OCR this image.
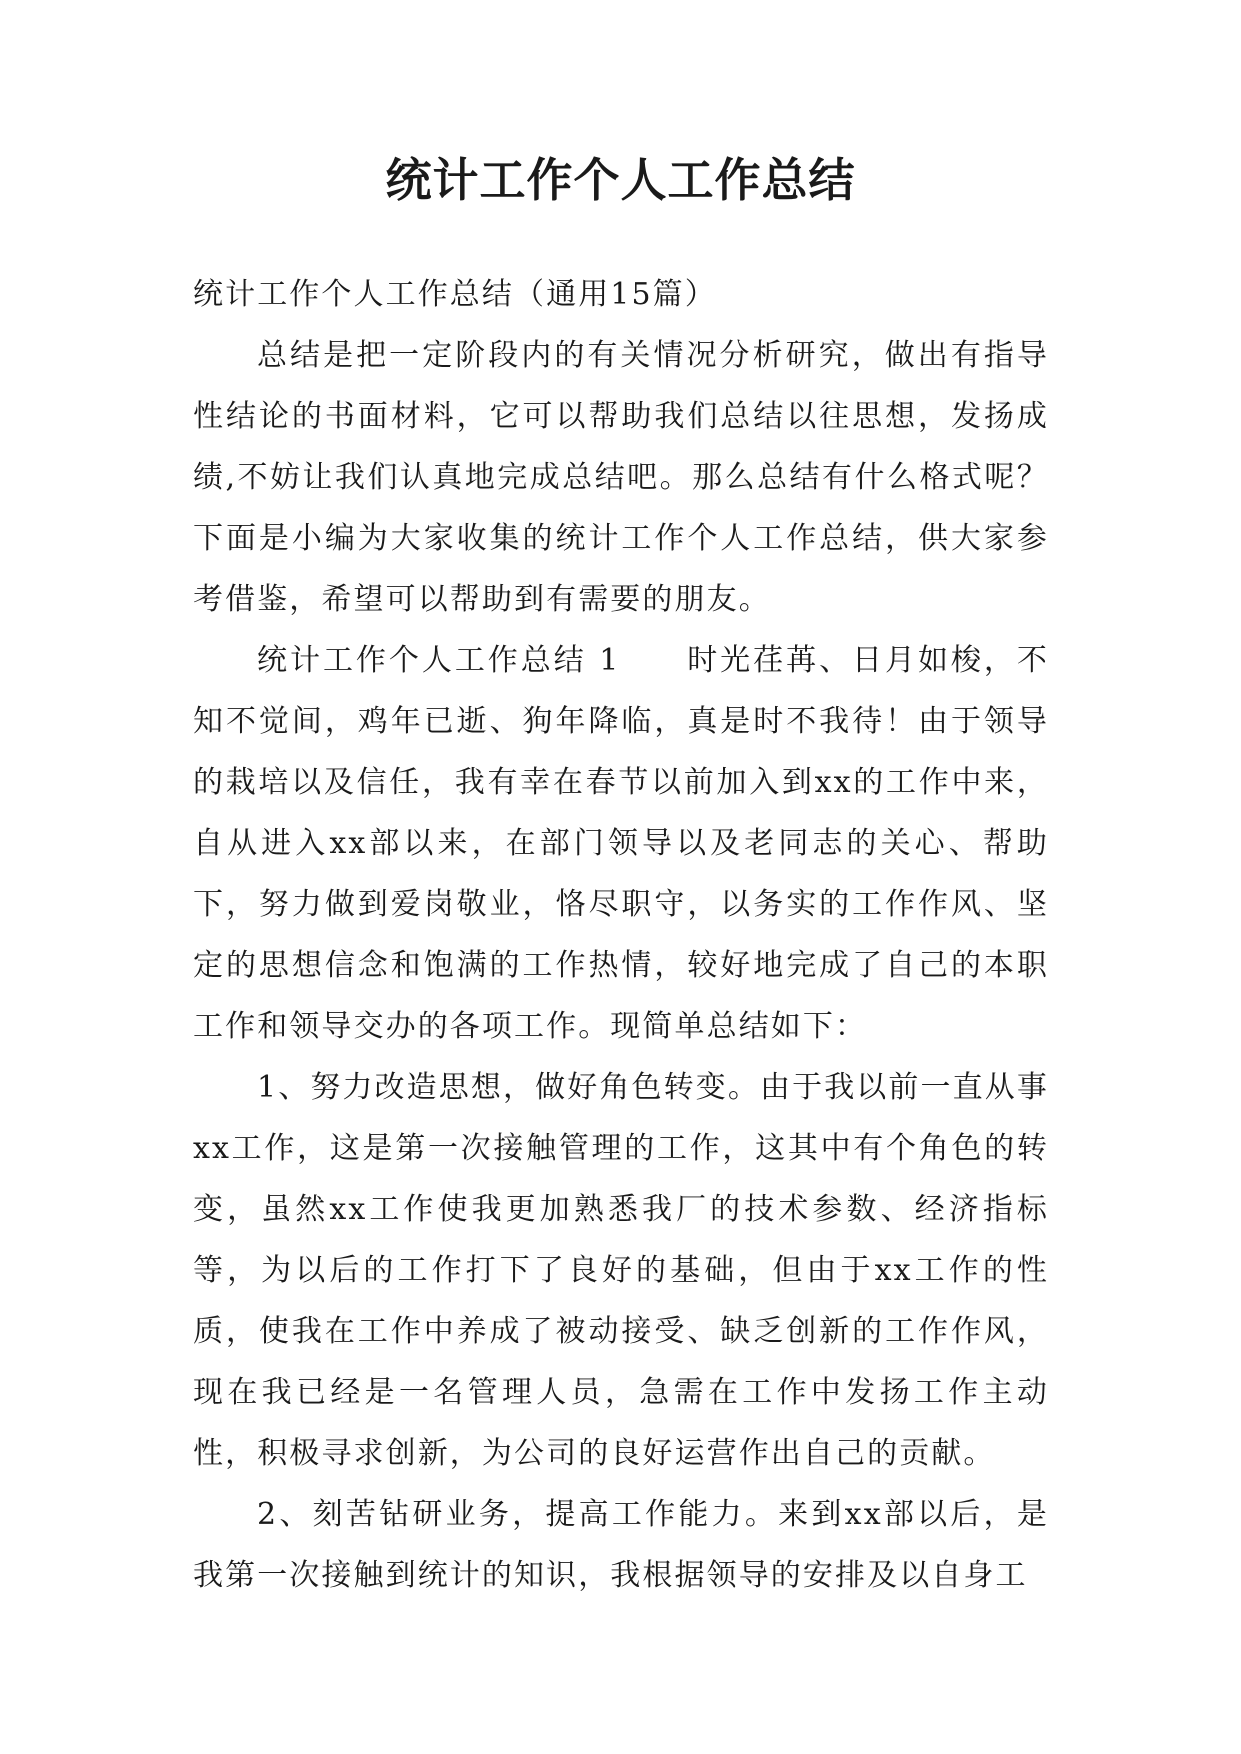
统计工作个人工作总结

统计工作个人工作总结（通用15篇）

总结是把一定阶段内的有关情况分析研究，做出有指导性结论的书面材料，它可以帮助我们总结以往思想，发扬成绩,不妨让我们认真地完成总结吧。那么总结有什么格式呢？下面是小编为大家收集的统计工作个人工作总结，供大家参考借鉴，希望可以帮助到有需要的朋友。

统计工作个人工作总结 1　　时光荏苒、日月如梭，不知不觉间，鸡年已逝、狗年降临，真是时不我待！由于领导的栽培以及信任，我有幸在春节以前加入到xx的工作中来，自从进入xx部以来，在部门领导以及老同志的关心、帮助下，努力做到爱岗敬业，恪尽职守，以务实的工作作风、坚定的思想信念和饱满的工作热情，较好地完成了自己的本职工作和领导交办的各项工作。现简单总结如下：

1、努力改造思想，做好角色转变。由于我以前一直从事xx工作，这是第一次接触管理的工作，这其中有个角色的转变，虽然xx工作使我更加熟悉我厂的技术参数、经济指标等，为以后的工作打下了良好的基础，但由于xx工作的性质，使我在工作中养成了被动接受、缺乏创新的工作作风，现在我已经是一名管理人员，急需在工作中发扬工作主动性，积极寻求创新，为公司的良好运营作出自己的贡献。

2、刻苦钻研业务，提高工作能力。来到xx部以后，是我第一次接触到统计的知识，我根据领导的安排及以自身工
